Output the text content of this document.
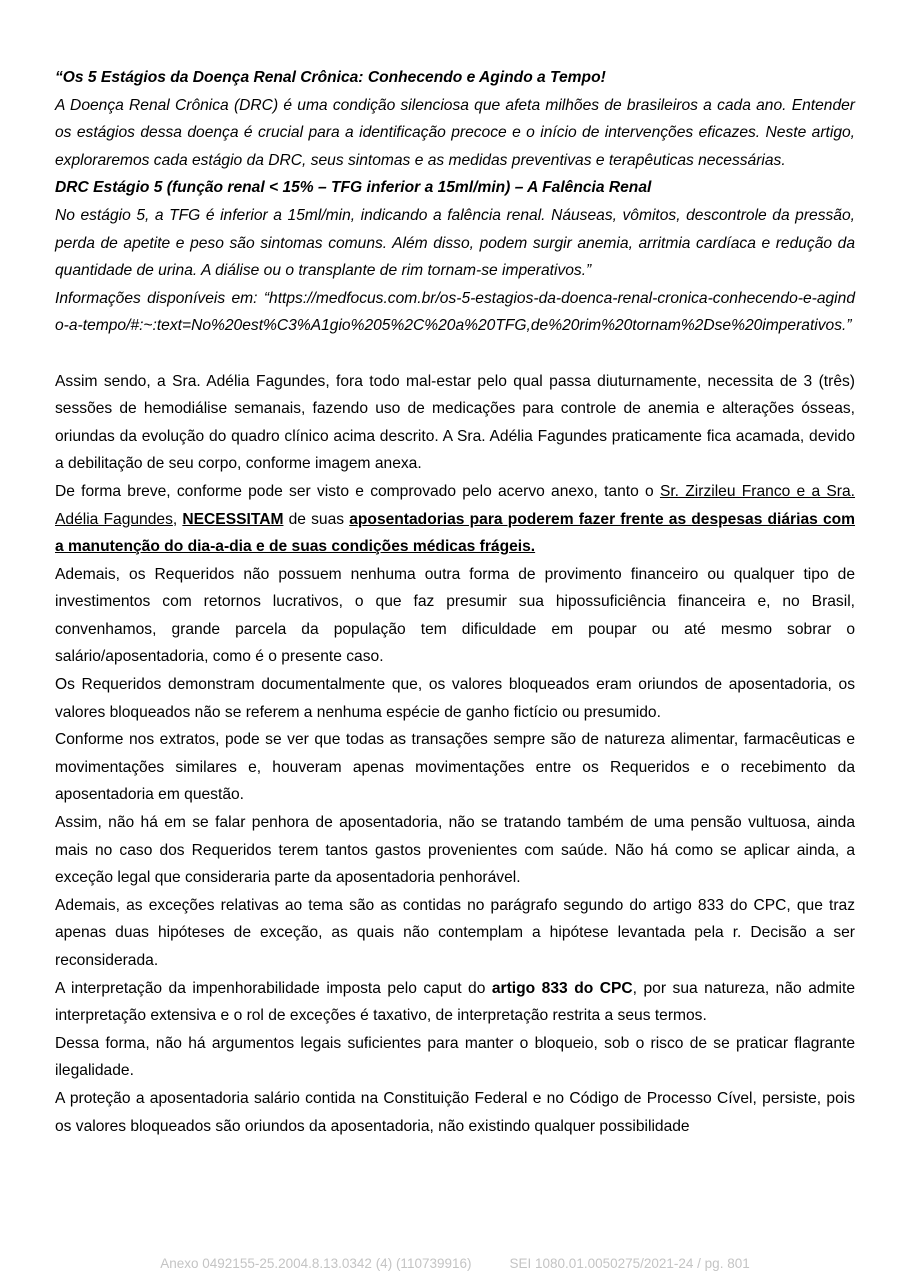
“Os 5 Estágios da Doença Renal Crônica: Conhecendo e Agindo a Tempo!

A Doença Renal Crônica (DRC) é uma condição silenciosa que afeta milhões de brasileiros a cada ano. Entender os estágios dessa doença é crucial para a identificação precoce e o início de intervenções eficazes. Neste artigo, exploraremos cada estágio da DRC, seus sintomas e as medidas preventivas e terapêuticas necessárias.

DRC Estágio 5 (função renal < 15% – TFG inferior a 15ml/min) – A Falência Renal

No estágio 5, a TFG é inferior a 15ml/min, indicando a falência renal. Náuseas, vômitos, descontrole da pressão, perda de apetite e peso são sintomas comuns. Além disso, podem surgir anemia, arritmia cardíaca e redução da quantidade de urina. A diálise ou o transplante de rim tornam-se imperativos.”

Informações disponíveis em: “https://medfocus.com.br/os-5-estagios-da-doenca-renal-cronica-conhecendo-e-agindo-a-tempo/#:~:text=No%20est%C3%A1gio%205%2C%20a%20TFG,de%20rim%20tornam%2Dse%20imperativos.”

Assim sendo, a Sra. Adélia Fagundes, fora todo mal-estar pelo qual passa diuturnamente, necessita de 3 (três) sessões de hemodiálise semanais, fazendo uso de medicações para controle de anemia e alterações ósseas, oriundas da evolução do quadro clínico acima descrito. A Sra. Adélia Fagundes praticamente fica acamada, devido a debilitação de seu corpo, conforme imagem anexa.

De forma breve, conforme pode ser visto e comprovado pelo acervo anexo, tanto o Sr. Zirzileu Franco e a Sra. Adélia Fagundes, NECESSITAM de suas aposentadorias para poderem fazer frente as despesas diárias com a manutenção do dia-a-dia e de suas condições médicas frágeis.

Ademais, os Requeridos não possuem nenhuma outra forma de provimento financeiro ou qualquer tipo de investimentos com retornos lucrativos, o que faz presumir sua hipossuficiência financeira e, no Brasil, convenhamos, grande parcela da população tem dificuldade em poupar ou até mesmo sobrar o salário/aposentadoria, como é o presente caso.

Os Requeridos demonstram documentalmente que, os valores bloqueados eram oriundos de aposentadoria, os valores bloqueados não se referem a nenhuma espécie de ganho fictício ou presumido.

Conforme nos extratos, pode se ver que todas as transações sempre são de natureza alimentar, farmacêuticas e movimentações similares e, houveram apenas movimentações entre os Requeridos e o recebimento da aposentadoria em questão.

Assim, não há em se falar penhora de aposentadoria, não se tratando também de uma pensão vultuosa, ainda mais no caso dos Requeridos terem tantos gastos provenientes com saúde. Não há como se aplicar ainda, a exceção legal que consideraria parte da aposentadoria penhorável.

Ademais, as exceções relativas ao tema são as contidas no parágrafo segundo do artigo 833 do CPC, que traz apenas duas hipóteses de exceção, as quais não contemplam a hipótese levantada pela r. Decisão a ser reconsiderada.

A interpretação da impenhorabilidade imposta pelo caput do artigo 833 do CPC, por sua natureza, não admite interpretação extensiva e o rol de exceções é taxativo, de interpretação restrita a seus termos.

Dessa forma, não há argumentos legais suficientes para manter o bloqueio, sob o risco de se praticar flagrante ilegalidade.

A proteção a aposentadoria salário contida na Constituição Federal e no Código de Processo Cível, persiste, pois os valores bloqueados são oriundos da aposentadoria, não existindo qualquer possibilidade

Anexo 0492155-25.2004.8.13.0342 (4) (110739916)	SEI 1080.01.0050275/2021-24 / pg. 801
